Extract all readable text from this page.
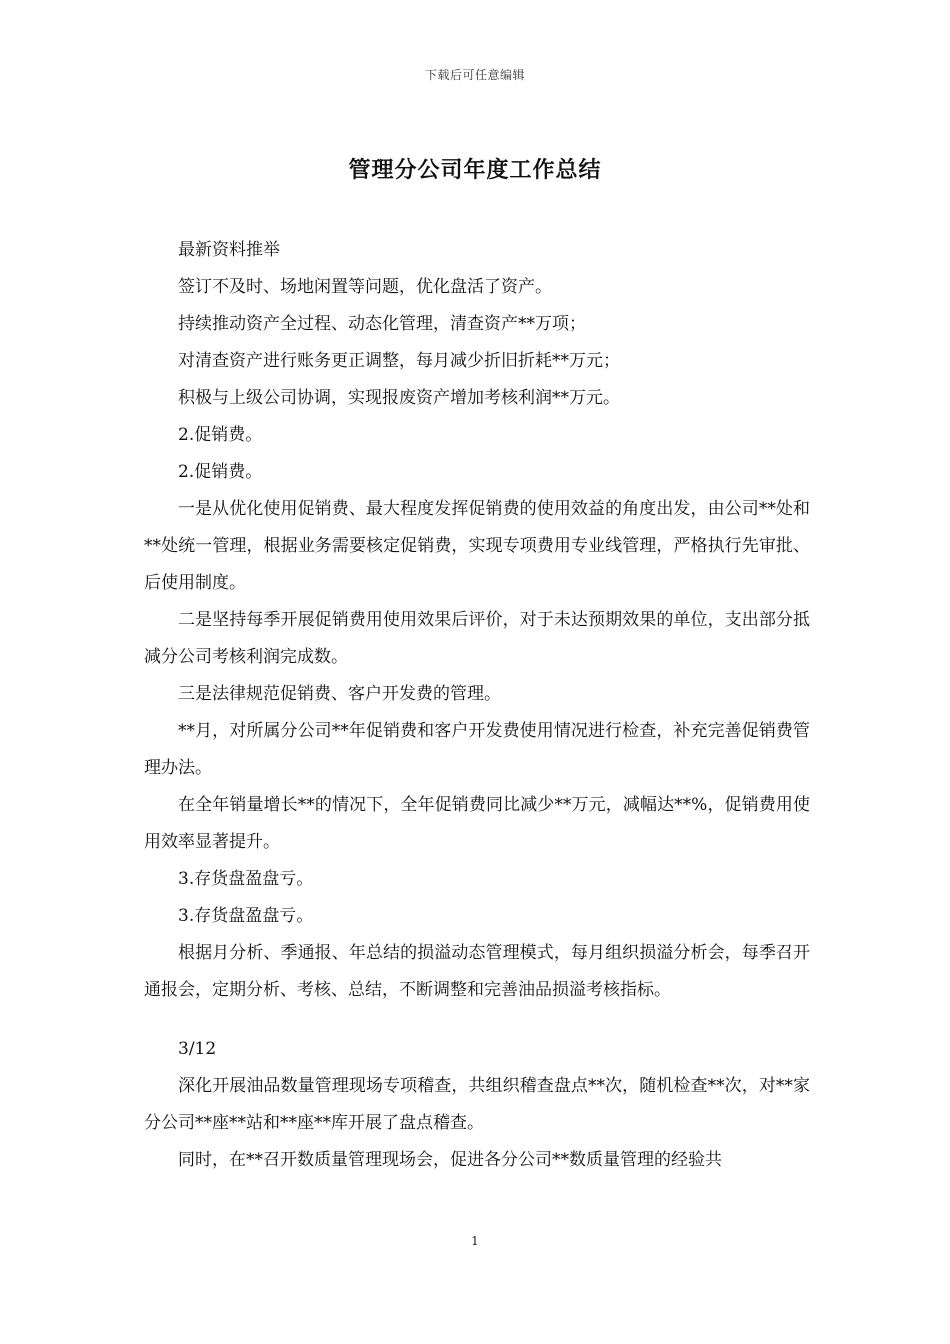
下载后可任意编辑
管理分公司年度工作总结

最新资料推举

签订不及时、场地闲置等问题，优化盘活了资产。

持续推动资产全过程、动态化管理，清查资产**万项；

对清查资产进行账务更正调整，每月减少折旧折耗**万元；

积极与上级公司协调，实现报废资产增加考核利润**万元。

2.促销费。

2.促销费。

一是从优化使用促销费、最大程度发挥促销费的使用效益的角度出发，由公司**处和**处统一管理，根据业务需要核定促销费，实现专项费用专业线管理，严格执行先审批、后使用制度。

二是坚持每季开展促销费用使用效果后评价，对于未达预期效果的单位，支出部分抵减分公司考核利润完成数。

三是法律规范促销费、客户开发费的管理。

**月，对所属分公司**年促销费和客户开发费使用情况进行检查，补充完善促销费管理办法。

在全年销量增长**的情况下，全年促销费同比减少**万元，减幅达**%，促销费用使用效率显著提升。

3.存货盘盈盘亏。

3.存货盘盈盘亏。

根据月分析、季通报、年总结的损溢动态管理模式，每月组织损溢分析会，每季召开通报会，定期分析、考核、总结，不断调整和完善油品损溢考核指标。

3/12

深化开展油品数量管理现场专项稽查，共组织稽查盘点**次，随机检查**次，对**家分公司**座**站和**座**库开展了盘点稽查。

同时，在**召开数质量管理现场会，促进各分公司**数质量管理的经验共

1
